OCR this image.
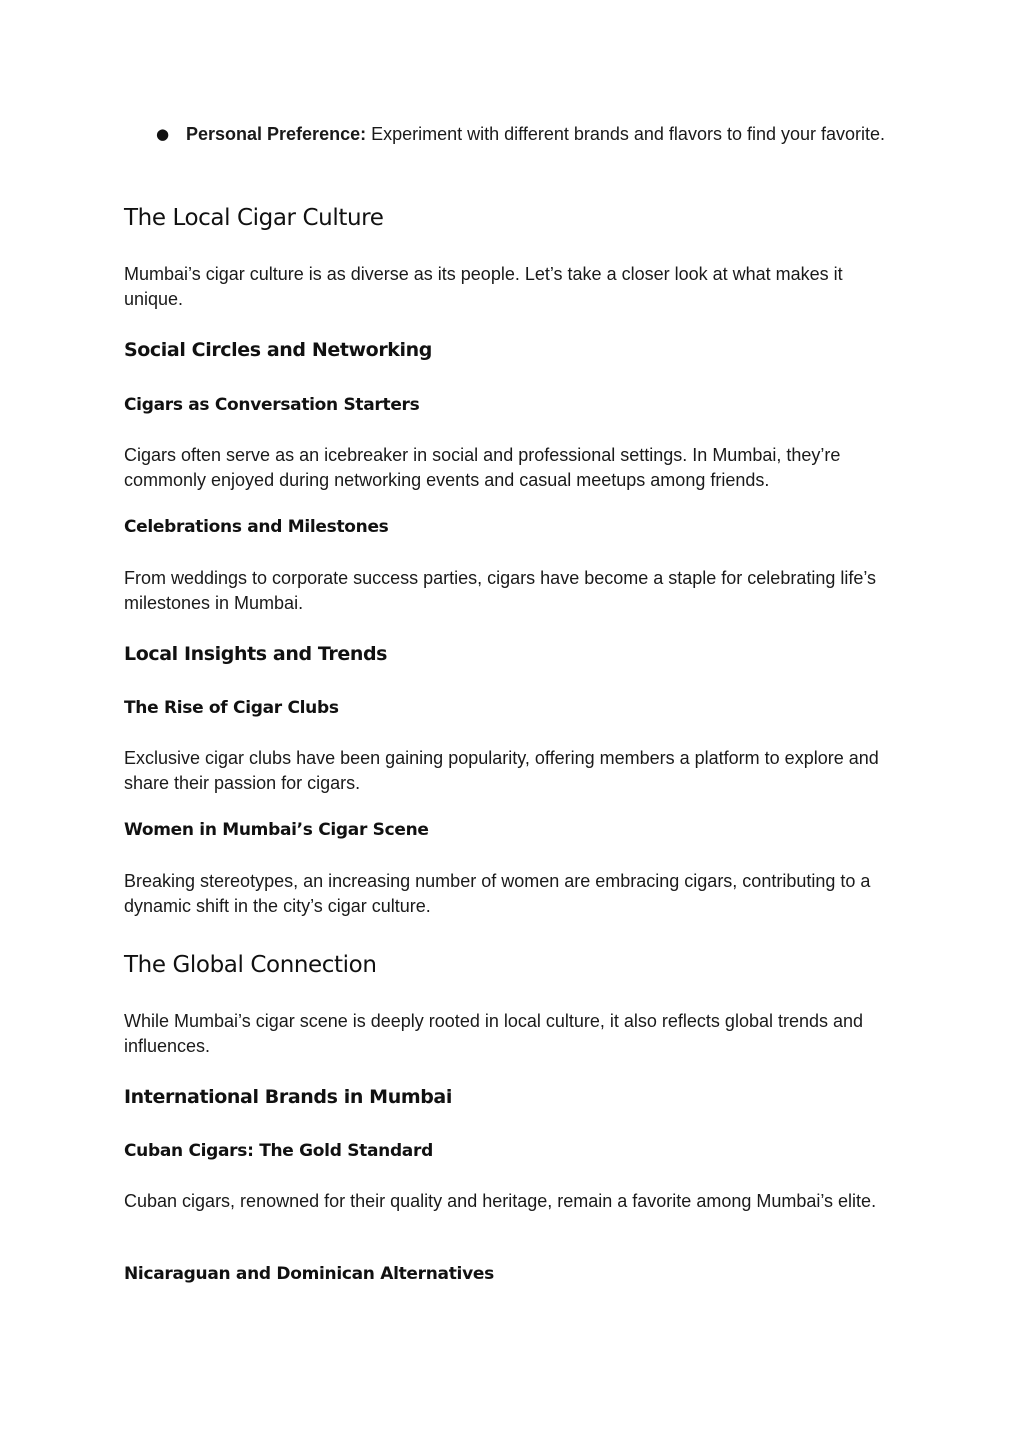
● Personal Preference: Experiment with different brands and flavors to find your favorite.

The Local Cigar Culture

Mumbai’s cigar culture is as diverse as its people. Let’s take a closer look at what makes it unique.

Social Circles and Networking
Cigars as Conversation Starters

Cigars often serve as an icebreaker in social and professional settings. In Mumbai, they’re commonly enjoyed during networking events and casual meetups among friends.

Celebrations and Milestones

From weddings to corporate success parties, cigars have become a staple for celebrating life’s milestones in Mumbai.

Local Insights and Trends
The Rise of Cigar Clubs

Exclusive cigar clubs have been gaining popularity, offering members a platform to explore and share their passion for cigars.

Women in Mumbai’s Cigar Scene

Breaking stereotypes, an increasing number of women are embracing cigars, contributing to a dynamic shift in the city’s cigar culture.

The Global Connection

While Mumbai’s cigar scene is deeply rooted in local culture, it also reflects global trends and influences.

International Brands in Mumbai
Cuban Cigars: The Gold Standard

Cuban cigars, renowned for their quality and heritage, remain a favorite among Mumbai’s elite.

Nicaraguan and Dominican Alternatives
